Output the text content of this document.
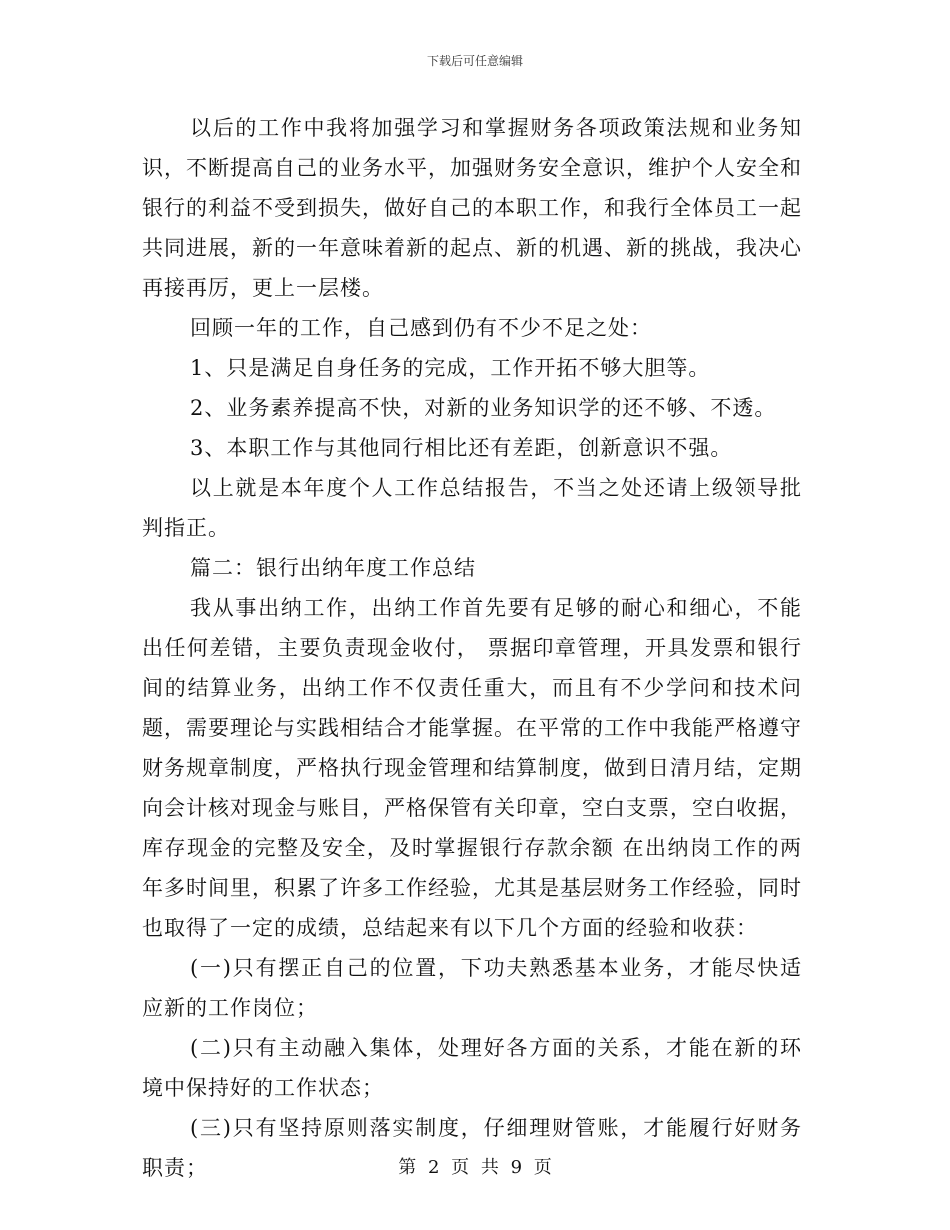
下载后可任意编辑

以后的工作中我将加强学习和掌握财务各项政策法规和业务知识，不断提高自己的业务水平，加强财务安全意识，维护个人安全和银行的利益不受到损失，做好自己的本职工作，和我行全体员工一起共同进展，新的一年意味着新的起点、新的机遇、新的挑战，我决心再接再厉，更上一层楼。

回顾一年的工作，自己感到仍有不少不足之处：

1、只是满足自身任务的完成，工作开拓不够大胆等。

2、业务素养提高不快，对新的业务知识学的还不够、不透。

3、本职工作与其他同行相比还有差距，创新意识不强。

以上就是本年度个人工作总结报告，不当之处还请上级领导批判指正。

篇二：银行出纳年度工作总结

我从事出纳工作，出纳工作首先要有足够的耐心和细心，不能出任何差错，主要负责现金收付， 票据印章管理，开具发票和银行间的结算业务，出纳工作不仅责任重大，而且有不少学问和技术问题，需要理论与实践相结合才能掌握。在平常的工作中我能严格遵守财务规章制度，严格执行现金管理和结算制度，做到日清月结，定期向会计核对现金与账目，严格保管有关印章，空白支票，空白收据，库存现金的完整及安全，及时掌握银行存款余额 在出纳岗工作的两年多时间里，积累了许多工作经验，尤其是基层财务工作经验，同时也取得了一定的成绩，总结起来有以下几个方面的经验和收获：

(一)只有摆正自己的位置，下功夫熟悉基本业务，才能尽快适应新的工作岗位；

(二)只有主动融入集体，处理好各方面的关系，才能在新的环境中保持好的工作状态；

(三)只有坚持原则落实制度，仔细理财管账，才能履行好财务职责；	第 2 页 共 9 页
